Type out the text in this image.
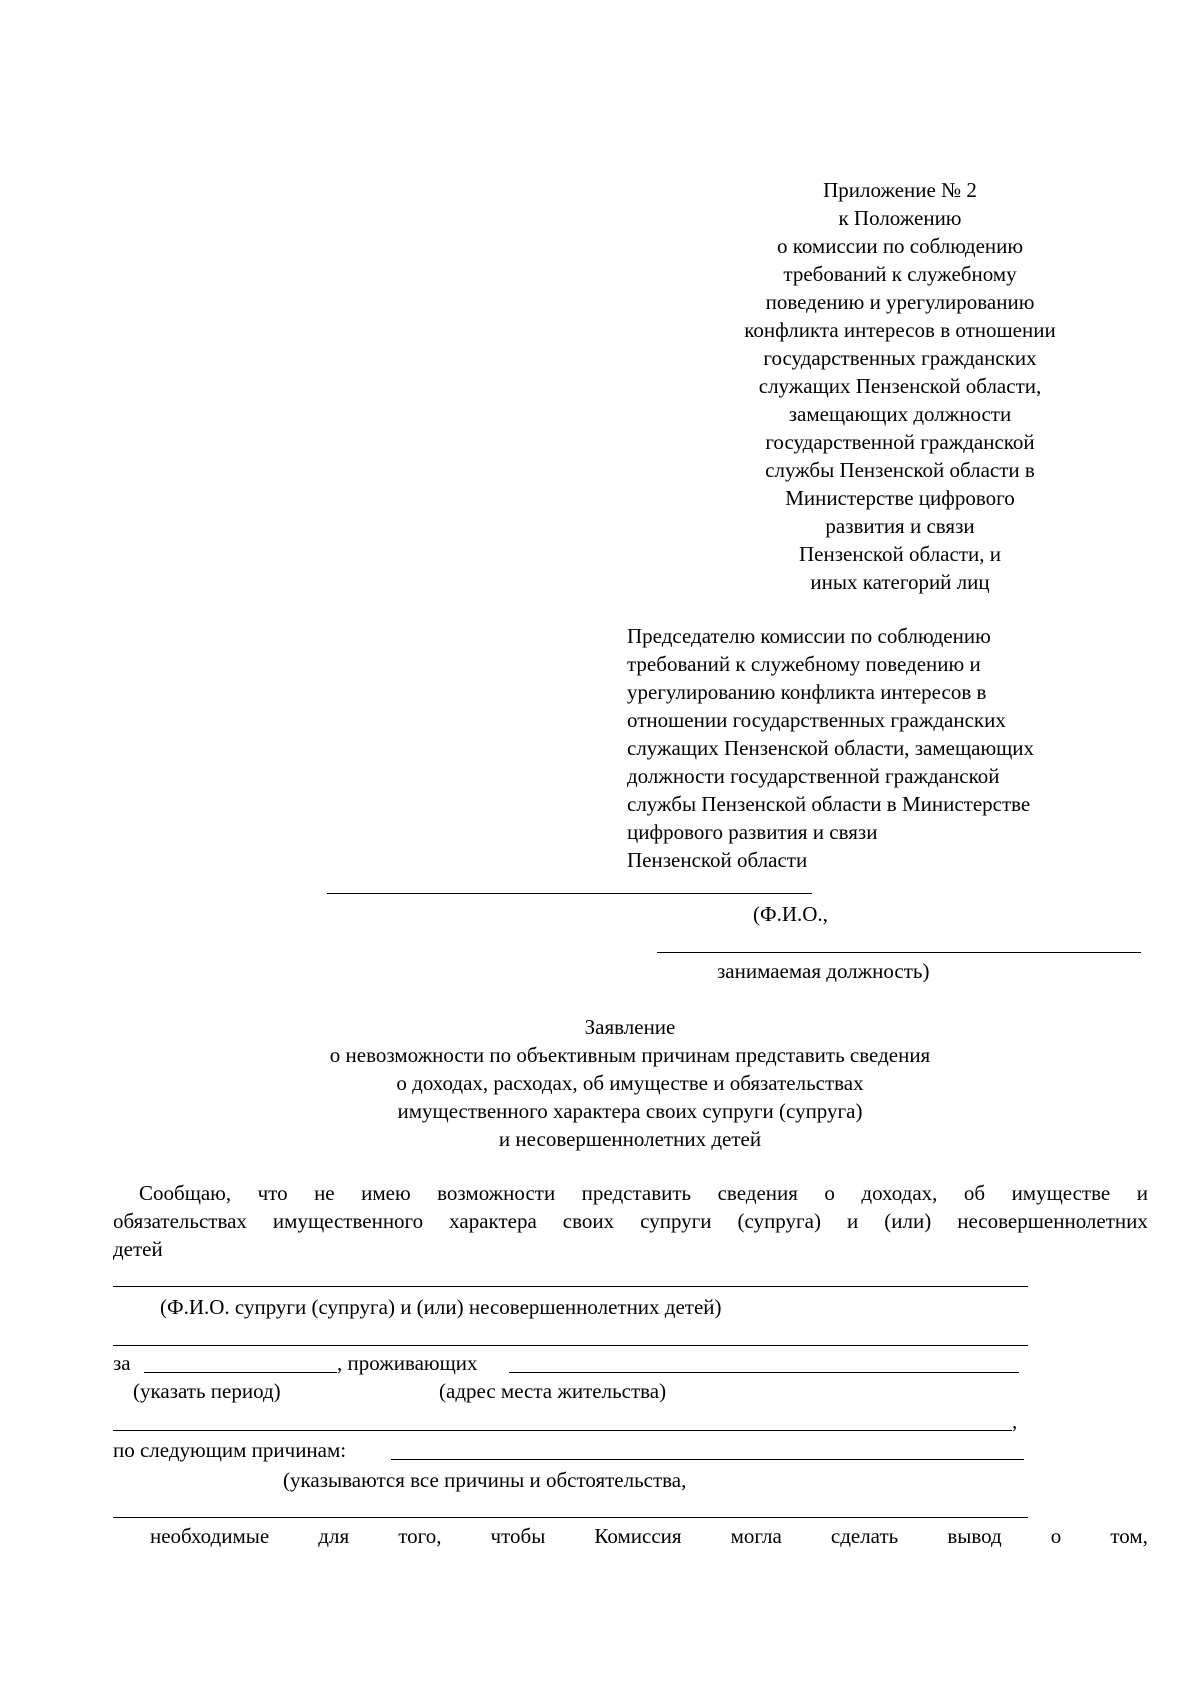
Приложение № 2
к Положению
о комиссии по соблюдению
требований к служебному
поведению и урегулированию
конфликта интересов в отношении
государственных гражданских
служащих Пензенской области,
замещающих должности
государственной гражданской
службы Пензенской области в
Министерстве цифрового
развития и связи
Пензенской области, и
иных категорий лиц
Председателю комиссии по соблюдению
требований к служебному поведению и
урегулированию конфликта интересов в
отношении государственных гражданских
служащих Пензенской области, замещающих
должности государственной гражданской
службы Пензенской области в Министерстве
цифрового развития и связи
Пензенской области
(Ф.И.О.,
занимаемая должность)
Заявление
о невозможности по объективным причинам представить сведения
о доходах, расходах, об имуществе и обязательствах
имущественного характера своих супруги (супруга)
и несовершеннолетних детей
Сообщаю, что не имею возможности представить сведения о доходах, об имуществе и
обязательствах имущественного характера своих супруги (супруга) и (или) несовершеннолетних
детей
(Ф.И.О. супруги (супруга) и (или) несовершеннолетних детей)
за	, проживающих
(указать период)	(адрес места жительства)
,
по следующим причинам:
(указываются все причины и обстоятельства,
необходимые для того, чтобы Комиссия могла сделать вывод о том,
